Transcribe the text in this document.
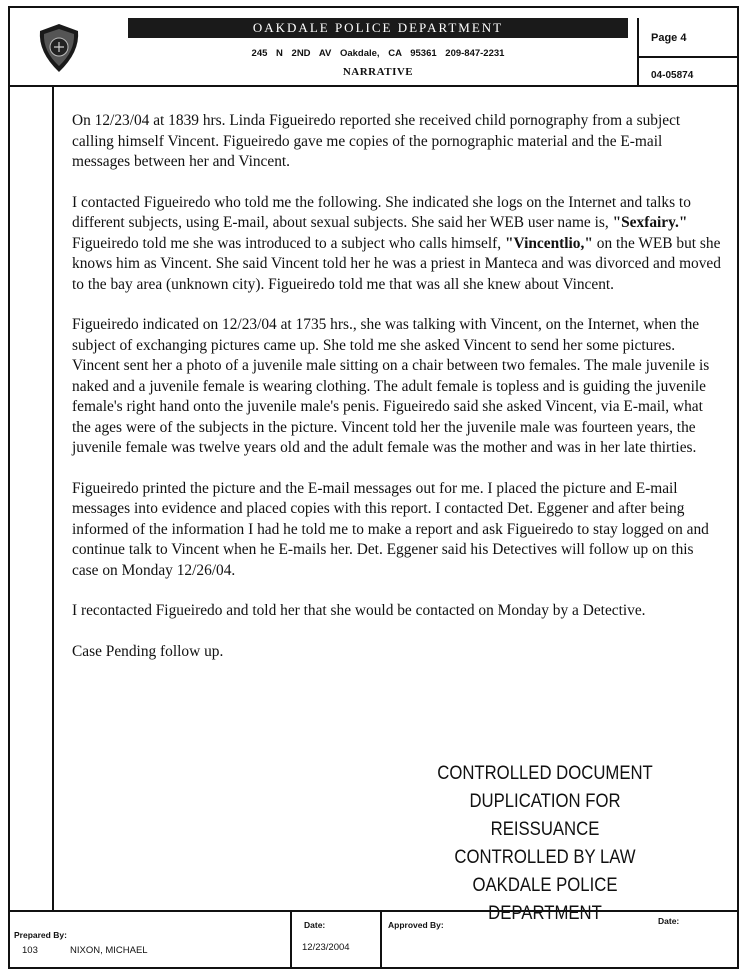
OAKDALE POLICE DEPARTMENT
245 N 2ND AV Oakdale, CA 95361 209-847-2231
NARRATIVE
Page 4
04-05874

On 12/23/04 at 1839 hrs. Linda Figueiredo reported she received child pornography from a subject calling himself Vincent. Figueiredo gave me copies of the pornographic material and the E-mail messages between her and Vincent.

I contacted Figueiredo who told me the following. She indicated she logs on the Internet and talks to different subjects, using E-mail, about sexual subjects. She said her WEB user name is, "Sexfairy." Figueiredo told me she was introduced to a subject who calls himself, "Vincentlio," on the WEB but she knows him as Vincent. She said Vincent told her he was a priest in Manteca and was divorced and moved to the bay area (unknown city). Figueiredo told me that was all she knew about Vincent.

Figueiredo indicated on 12/23/04 at 1735 hrs., she was talking with Vincent, on the Internet, when the subject of exchanging pictures came up. She told me she asked Vincent to send her some pictures. Vincent sent her a photo of a juvenile male sitting on a chair between two females. The male juvenile is naked and a juvenile female is wearing clothing. The adult female is topless and is guiding the juvenile female's right hand onto the juvenile male's penis. Figueiredo said she asked Vincent, via E-mail, what the ages were of the subjects in the picture. Vincent told her the juvenile male was fourteen years, the juvenile female was twelve years old and the adult female was the mother and was in her late thirties.

Figueiredo printed the picture and the E-mail messages out for me. I placed the picture and E-mail messages into evidence and placed copies with this report. I contacted Det. Eggener and after being informed of the information I had he told me to make a report and ask Figueiredo to stay logged on and continue talk to Vincent when he E-mails her. Det. Eggener said his Detectives will follow up on this case on Monday 12/26/04.

I recontacted Figueiredo and told her that she would be contacted on Monday by a Detective.

Case Pending follow up.

CONTROLLED DOCUMENT
DUPLICATION FOR REISSUANCE
CONTROLLED BY LAW
OAKDALE POLICE DEPARTMENT
Prepared By:
103	NIXON, MICHAEL
Date:
12/23/2004
Approved By:	Date:
